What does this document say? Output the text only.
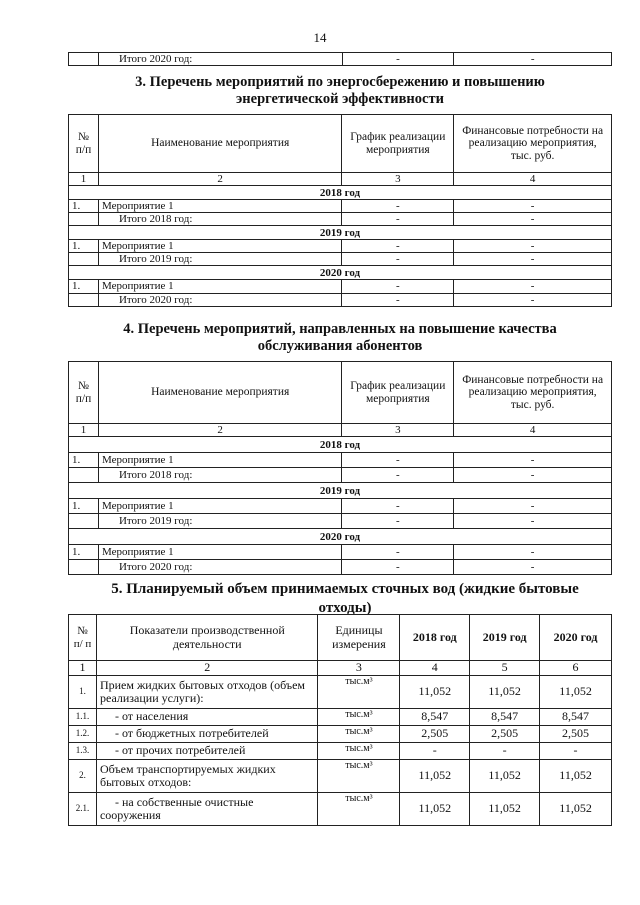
14
	Итого 2020 год:	-	-
3. Перечень мероприятий по энергосбережению и повышению
энергетической эффективности
№ п/п	Наименование мероприятия	График реализации мероприятия	Финансовые потребности на реализацию мероприятия, тыс. руб.
1	2	3	4
2018 год			
1.	Мероприятие 1	-	-
	Итого 2018 год:	-	-
2019 год			
1.	Мероприятие 1	-	-
	Итого 2019 год:	-	-
2020 год			
1.	Мероприятие 1	-	-
	Итого 2020 год:	-	-
4. Перечень мероприятий, направленных на повышение качества
обслуживания абонентов
№ п/п	Наименование мероприятия	График реализации мероприятия	Финансовые потребности на реализацию мероприятия, тыс. руб.
1	2	3	4
2018 год			
1.	Мероприятие 1	-	-
	Итого 2018 год:	-	-
2019 год			
1.	Мероприятие 1	-	-
	Итого 2019 год:	-	-
2020 год			
1.	Мероприятие 1	-	-
	Итого 2020 год:	-	-
5. Планируемый объем принимаемых сточных вод (жидкие бытовые
отходы)
№ п/ п	Показатели производственной деятельности	Единицы измерения	2018 год	2019 год	2020 год
1	2	3	4	5	6
1.	Прием жидких бытовых отходов (объем реализации услуги):	тыс.м³	11,052	11,052	11,052
1.1.	- от населения	тыс.м³	8,547	8,547	8,547
1.2.	- от бюджетных потребителей	тыс.м³	2,505	2,505	2,505
1.3.	- от прочих потребителей	тыс.м³	-	-	-
2.	Объем транспортируемых жидких бытовых отходов:	тыс.м³	11,052	11,052	11,052
2.1.	- на собственные очистные сооружения	тыс.м³	11,052	11,052	11,052
